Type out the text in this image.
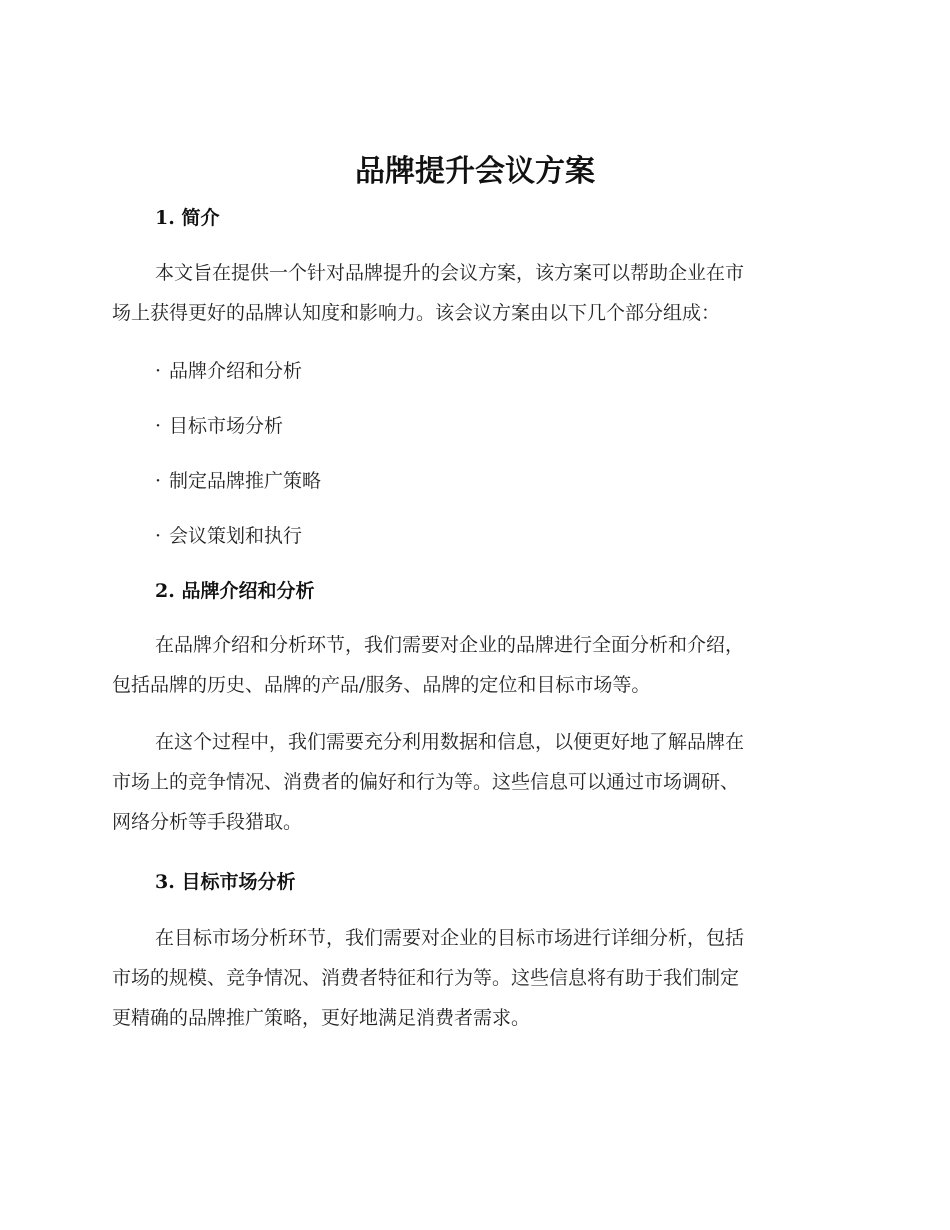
品牌提升会议方案
1. 简介

本文旨在提供一个针对品牌提升的会议方案，该方案可以帮助企业在市
场上获得更好的品牌认知度和影响力。该会议方案由以下几个部分组成：

· 品牌介绍和分析

· 目标市场分析

· 制定品牌推广策略

· 会议策划和执行

2. 品牌介绍和分析

在品牌介绍和分析环节，我们需要对企业的品牌进行全面分析和介绍，
包括品牌的历史、品牌的产品/服务、品牌的定位和目标市场等。

在这个过程中，我们需要充分利用数据和信息，以便更好地了解品牌在
市场上的竞争情况、消费者的偏好和行为等。这些信息可以通过市场调研、
网络分析等手段猎取。

3. 目标市场分析

在目标市场分析环节，我们需要对企业的目标市场进行详细分析，包括
市场的规模、竞争情况、消费者特征和行为等。这些信息将有助于我们制定
更精确的品牌推广策略，更好地满足消费者需求。
